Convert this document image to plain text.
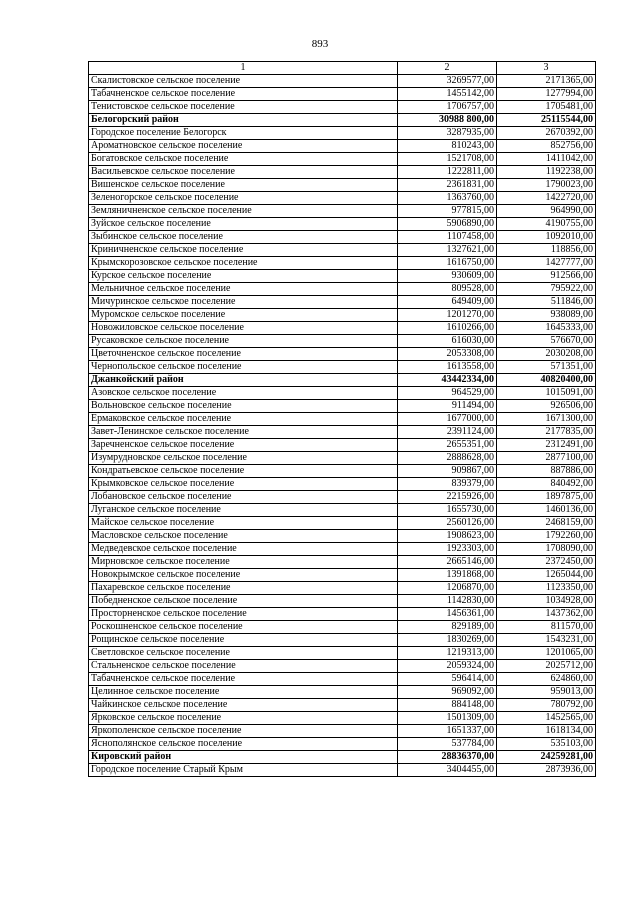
893
1	2	3
Скалистовское сельское поселение	3269577,00	2171365,00
Табачненское сельское поселение	1455142,00	1277994,00
Тенистовское сельское поселение	1706757,00	1705481,00
Белогорский район	30988 800,00	25115544,00
Городское поселение Белогорск	3287935,00	2670392,00
Ароматновское сельское поселение	810243,00	852756,00
Богатовское сельское поселение	1521708,00	1411042,00
Васильевское сельское поселение	1222811,00	1192238,00
Вишенское сельское поселение	2361831,00	1790023,00
Зеленогорское сельское поселение	1363760,00	1422720,00
Земляничненское сельское поселение	977815,00	964990,00
Зуйское сельское поселение	5906890,00	4190755,00
Зыбинское сельское поселение	1107458,00	1092010,00
Криничненское сельское поселение	1327621,00	118856,00
Крымскорозовское сельское поселение	1616750,00	1427777,00
Курское сельское поселение	930609,00	912566,00
Мельничное сельское поселение	809528,00	795922,00
Мичуринское сельское поселение	649409,00	511846,00
Муромское сельское поселение	1201270,00	938089,00
Новожиловское сельское поселение	1610266,00	1645333,00
Русаковское сельское поселение	616030,00	576670,00
Цветочненское сельское поселение	2053308,00	2030208,00
Чернопольское сельское поселение	1613558,00	571351,00
Джанкойский район	43442334,00	40820400,00
Азовское сельское поселение	964529,00	1015091,00
Вольновское сельское поселение	911494,00	926506,00
Ермаковское сельское поселение	1677000,00	1671300,00
Завет-Ленинское сельское поселение	2391124,00	2177835,00
Заречненское сельское поселение	2655351,00	2312491,00
Изумрудновское сельское поселение	2888628,00	2877100,00
Кондратьевское сельское поселение	909867,00	887886,00
Крымковское сельское поселение	839379,00	840492,00
Лобановское сельское поселение	2215926,00	1897875,00
Луганское сельское поселение	1655730,00	1460136,00
Майское сельское поселение	2560126,00	2468159,00
Масловское сельское поселение	1908623,00	1792260,00
Медведевское сельское поселение	1923303,00	1708090,00
Мирновское сельское поселение	2665146,00	2372450,00
Новокрымское сельское поселение	1391868,00	1265044,00
Пахаревское сельское поселение	1206870,00	1123350,00
Победненское сельское поселение	1142830,00	1034928,00
Просторненское сельское поселение	1456361,00	1437362,00
Роскошненское сельское поселение	829189,00	811570,00
Рощинское сельское поселение	1830269,00	1543231,00
Светловское сельское поселение	1219313,00	1201065,00
Стальненское сельское поселение	2059324,00	2025712,00
Табачненское сельское поселение	596414,00	624860,00
Целинное сельское поселение	969092,00	959013,00
Чайкинское сельское поселение	884148,00	780792,00
Ярковское сельское поселение	1501309,00	1452565,00
Яркополенское сельское поселение	1651337,00	1618134,00
Яснополянское сельское поселение	537784,00	535103,00
Кировский район	28836370,00	24259281,00
Городское поселение Старый Крым	3404455,00	2873936,00
